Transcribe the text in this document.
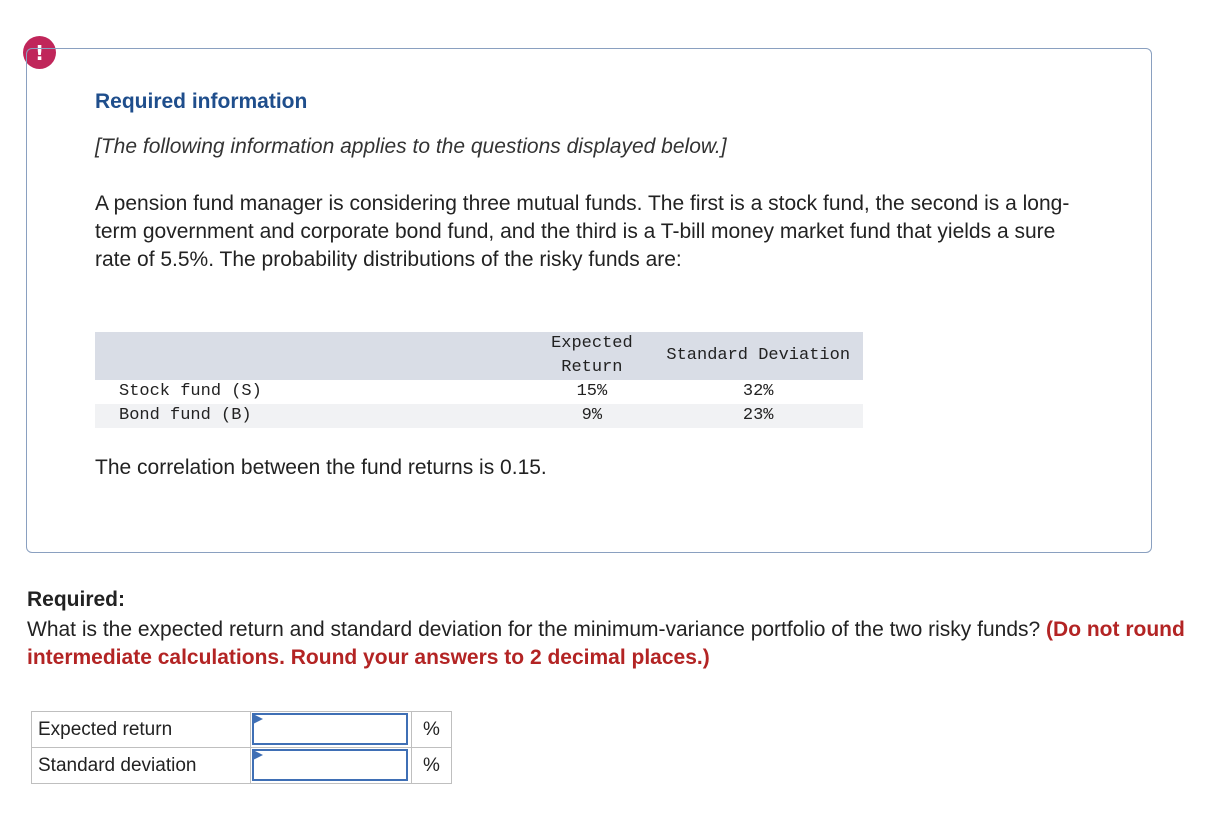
!
Required information
[The following information applies to the questions displayed below.]
A pension fund manager is considering three mutual funds. The first is a stock fund, the second is a long-term government and corporate bond fund, and the third is a T-bill money market fund that yields a sure rate of 5.5%. The probability distributions of the risky funds are:
	Expected Return	Standard Deviation
Stock fund (S)	15%	32%
Bond fund (B)	9%	23%
The correlation between the fund returns is 0.15.
Required:
What is the expected return and standard deviation for the minimum-variance portfolio of the two risky funds? (Do not round intermediate calculations. Round your answers to 2 decimal places.)
Expected return		%
Standard deviation		%
